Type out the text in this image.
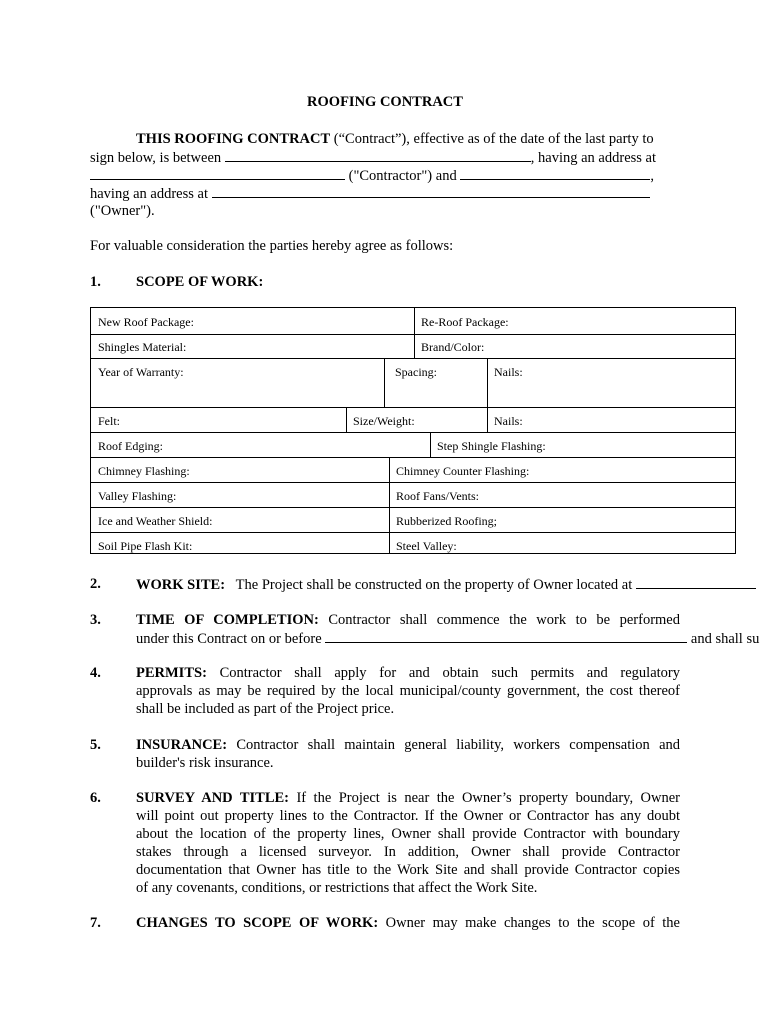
ROOFING CONTRACT
THIS ROOFING CONTRACT (“Contract”), effective as of the date of the last party to
sign below, is between	, having an address at
("Contractor") and	,
having an address at
("Owner").
For valuable consideration the parties hereby agree as follows:
1. SCOPE OF WORK:
New Roof Package:	Re-Roof Package:
Shingles Material:	Brand/Color:
Year of Warranty:	Spacing:	Nails:
Felt:	Size/Weight:	Nails:
Roof Edging:	Step Shingle Flashing:
Chimney Flashing:	Chimney Counter Flashing:
Valley Flashing:	Roof Fans/Vents:
Ice and Weather Shield:	Rubberized Roofing;
Soil Pipe Flash Kit:	Steel Valley:
2. WORK SITE: The Project shall be constructed on the property of Owner located at
3. TIME OF COMPLETION: Contractor shall commence the work to be performed
under this Contract on or before	and shall su
4. PERMITS: Contractor shall apply for and obtain such permits and regulatory
approvals as may be required by the local municipal/county government, the cost thereof
shall be included as part of the Project price.
5. INSURANCE: Contractor shall maintain general liability, workers compensation and
builder's risk insurance.
6. SURVEY AND TITLE: If the Project is near the Owner’s property boundary, Owner
will point out property lines to the Contractor. If the Owner or Contractor has any doubt
about the location of the property lines, Owner shall provide Contractor with boundary
stakes through a licensed surveyor. In addition, Owner shall provide Contractor
documentation that Owner has title to the Work Site and shall provide Contractor copies
of any covenants, conditions, or restrictions that affect the Work Site.
7. CHANGES TO SCOPE OF WORK: Owner may make changes to the scope of the
